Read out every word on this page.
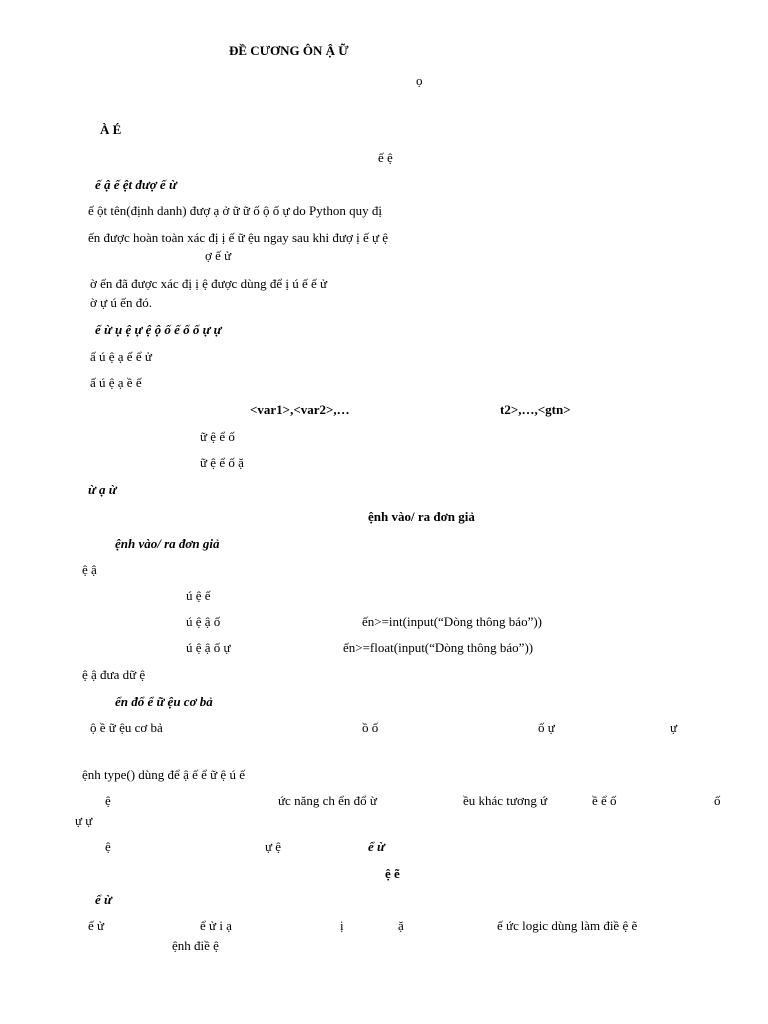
ĐỀ CƯƠNG ÔN Ậ Ữ
ọ
À É
ế ệ
ế ậ ế ệt đượ ế ừ
ế ột tên(định danh) đượ ạ ở ữ ữ ố ộ ố ự do Python quy đị
ến được hoàn toàn xác đị ị ế ữ ệu ngay sau khi đượ ị ế ự ệ
ợ ế ử
ờ ến đã được xác đị ị ệ được dùng để ị ú ế ế ử
ờ ự ú ến đó.
ế ừ ụ ệ ự ệ ộ ố ế ố ố ự ự
ấ ú ệ ạ ế ể ử
ấ ú ệ ạ ề ế
<var1>,<var2>,…	t2>,…,<gtn>
ữ ệ ể ố
ữ ệ ể ố ặ
ừ ạ ừ
ệnh vào/ ra đơn giả
ệnh vào/ ra đơn giả
ệ ậ
ú ệ ế
ú ệ ậ ố	ến>=int(input(“Dòng thông báo”))
ú ệ ậ ố ự	ến>=float(input(“Dòng thông báo”))
ệ ậ đưa dữ ệ
ển đổ ể ữ ệu cơ bả
ộ ề ữ ệu cơ bả	ồ ố	ố ự	ự
ệnh type() dùng để ậ ế ể ữ ệ ú ế
ệ	ức năng ch ển đổ ừ	ều khác tương ứ	ề ể ố	ố
ự ự
ệ	ự ệ	ể ừ
ệ ẽ
ể ừ
ế ử	ể ử i ạ	ị	ặ	ế ức logic dùng làm điề ệ ẽ
ệnh điề ệ
